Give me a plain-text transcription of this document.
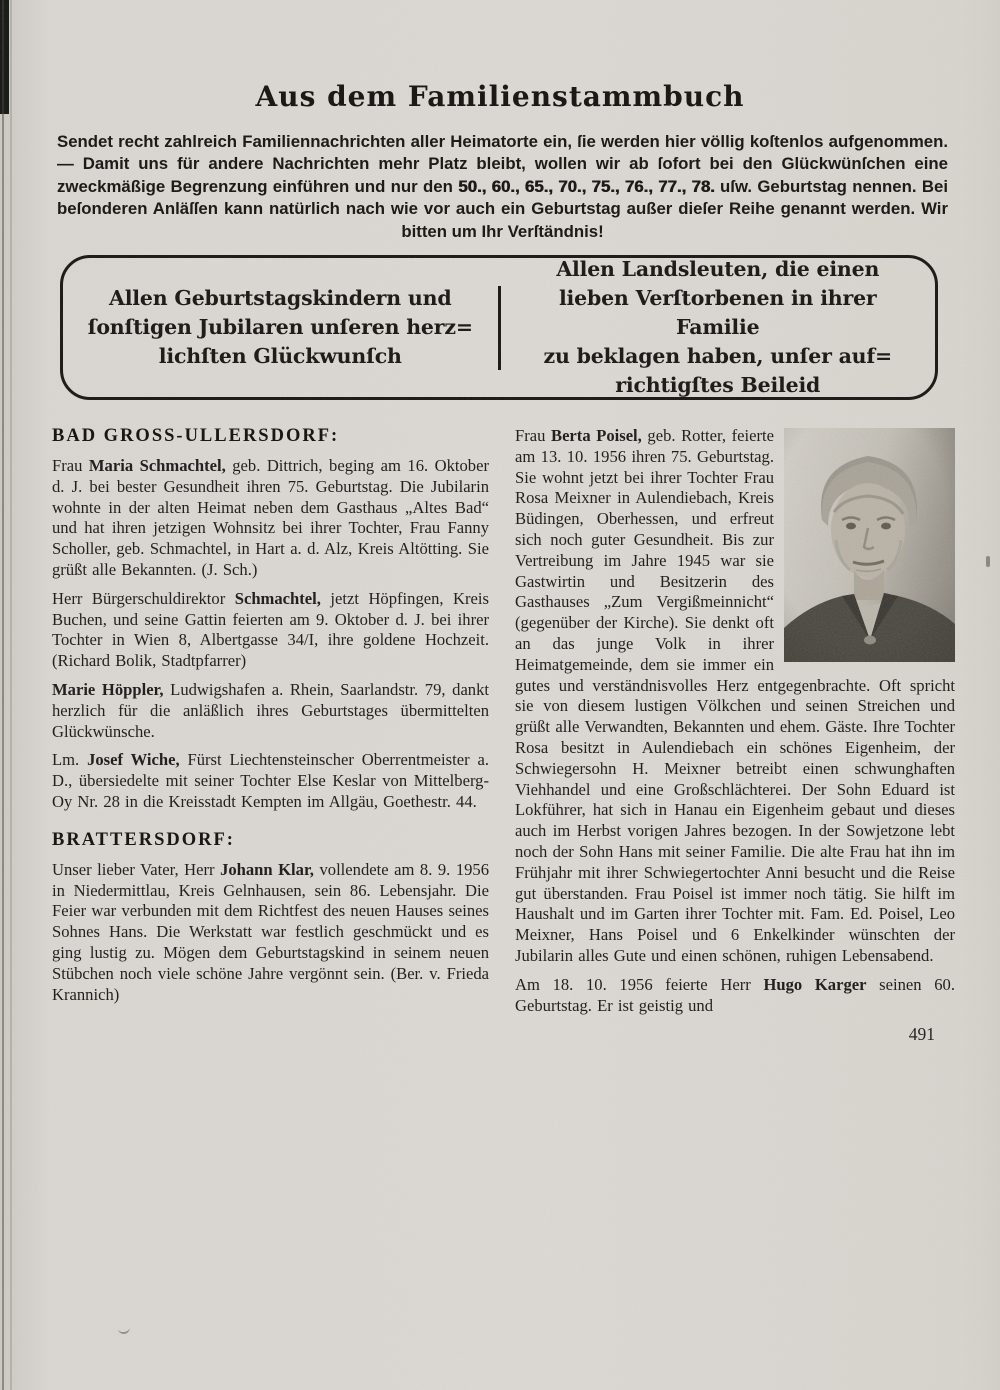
Aus dem Familienstammbuch

Sendet recht zahlreich Familiennachrichten aller Heimatorte ein, ſie werden hier völlig koſtenlos aufgenommen. — Damit uns für andere Nachrichten mehr Platz bleibt, wollen wir ab ſofort bei den Glückwünſchen eine zweckmäßige Begrenzung einführen und nur den 50., 60., 65., 70., 75., 76., 77., 78. uſw. Geburtstag nennen. Bei beſonderen Anläſſen kann natürlich nach wie vor auch ein Geburtstag außer dieſer Reihe genannt werden. Wir bitten um Ihr Verſtändnis!

Allen Geburtstagskindern und
ſonſtigen Jubilaren unſeren herz=
lichſten Glückwunſch
Allen Landsleuten, die einen
lieben Verſtorbenen in ihrer Familie
zu beklagen haben, unſer auf=
richtigſtes Beileid
BAD GROSS-ULLERSDORF:

Frau Maria Schmachtel, geb. Dittrich, beging am 16. Oktober d. J. bei bester Gesundheit ihren 75. Geburtstag. Die Jubilarin wohnte in der alten Heimat neben dem Gasthaus „Altes Bad“ und hat ihren jetzigen Wohnsitz bei ihrer Tochter, Frau Fanny Scholler, geb. Schmachtel, in Hart a. d. Alz, Kreis Altötting. Sie grüßt alle Bekannten. (J. Sch.)

Herr Bürgerschuldirektor Schmachtel, jetzt Höpfingen, Kreis Buchen, und seine Gattin feierten am 9. Oktober d. J. bei ihrer Tochter in Wien 8, Albertgasse 34/I, ihre goldene Hochzeit. (Richard Bolik, Stadtpfarrer)

Marie Höppler, Ludwigshafen a. Rhein, Saarlandstr. 79, dankt herzlich für die anläßlich ihres Geburtstages übermittelten Glückwünsche.

Lm. Josef Wiche, Fürst Liechtensteinscher Oberrentmeister a. D., übersiedelte mit seiner Tochter Else Keslar von Mittelberg-Oy Nr. 28 in die Kreisstadt Kempten im Allgäu, Goethestr. 44.

BRATTERSDORF:

Unser lieber Vater, Herr Johann Klar, vollendete am 8. 9. 1956 in Niedermittlau, Kreis Gelnhausen, sein 86. Lebensjahr. Die Feier war verbunden mit dem Richtfest des neuen Hauses seines Sohnes Hans. Die Werkstatt war festlich geschmückt und es ging lustig zu. Mögen dem Geburtstagskind in seinem neuen Stübchen noch viele schöne Jahre vergönnt sein. (Ber. v. Frieda Krannich)

Frau Berta Poisel, geb. Rotter, feierte am 13. 10. 1956 ihren 75. Geburtstag. Sie wohnt jetzt bei ihrer Tochter Frau Rosa Meixner in Aulendiebach, Kreis Büdingen, Oberhessen, und erfreut sich noch guter Gesundheit. Bis zur Vertreibung im Jahre 1945 war sie Gastwirtin und Besitzerin des Gasthauses „Zum Vergißmeinnicht“ (gegenüber der Kirche). Sie denkt oft an das junge Volk in ihrer Heimatgemeinde, dem sie immer ein gutes und verständnisvolles Herz entgegenbrachte. Oft spricht sie von diesem lustigen Völkchen und seinen Streichen und grüßt alle Verwandten, Bekannten und ehem. Gäste. Ihre Tochter Rosa besitzt in Aulendiebach ein schönes Eigenheim, der Schwiegersohn H. Meixner betreibt einen schwunghaften Viehhandel und eine Großschlächterei. Der Sohn Eduard ist Lokführer, hat sich in Hanau ein Eigenheim gebaut und dieses auch im Herbst vorigen Jahres bezogen. In der Sowjetzone lebt noch der Sohn Hans mit seiner Familie. Die alte Frau hat ihn im Frühjahr mit ihrer Schwiegertochter Anni besucht und die Reise gut überstanden. Frau Poisel ist immer noch tätig. Sie hilft im Haushalt und im Garten ihrer Tochter mit. Fam. Ed. Poisel, Leo Meixner, Hans Poisel und 6 Enkelkinder wünschten der Jubilarin alles Gute und einen schönen, ruhigen Lebensabend.

Am 18. 10. 1956 feierte Herr Hugo Karger seinen 60. Geburtstag. Er ist geistig und

491
